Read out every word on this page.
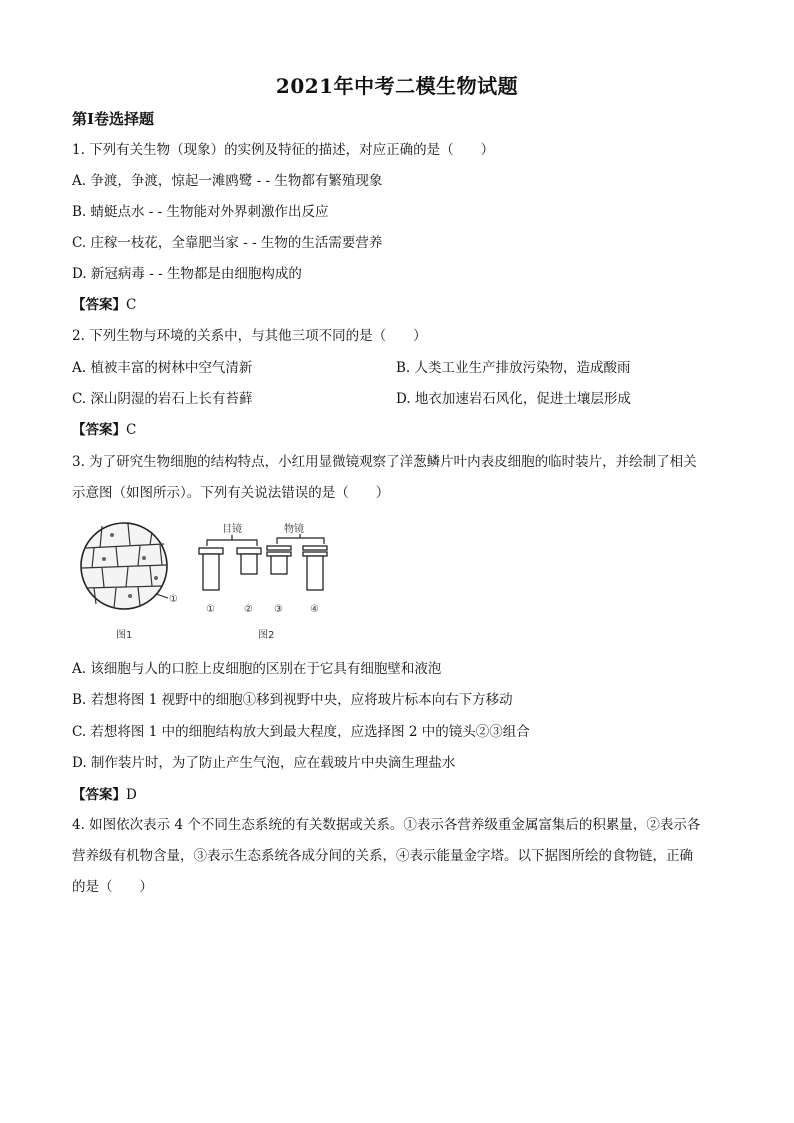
2021年中考二模生物试题
第I卷选择题
1. 下列有关生物（现象）的实例及特征的描述，对应正确的是（　　）
A. 争渡，争渡，惊起一滩鸥鹭 - - 生物都有繁殖现象
B. 蜻蜓点水 - - 生物能对外界刺激作出反应
C. 庄稼一枝花，全靠肥当家 - - 生物的生活需要营养
D. 新冠病毒 - - 生物都是由细胞构成的
【答案】C
2. 下列生物与环境的关系中，与其他三项不同的是（　　）
A. 植被丰富的树林中空气清新	B. 人类工业生产排放污染物，造成酸雨
C. 深山阴湿的岩石上长有苔藓	D. 地衣加速岩石风化，促进土壤层形成
【答案】C
3. 为了研究生物细胞的结构特点，小红用显微镜观察了洋葱鳞片叶内表皮细胞的临时装片，并绘制了相关
示意图（如图所示）。下列有关说法错误的是（　　）
①
图1
目镜	物镜
①	② ③	④
图2
A. 该细胞与人的口腔上皮细胞的区别在于它具有细胞壁和液泡
B. 若想将图 1 视野中的细胞①移到视野中央，应将玻片标本向右下方移动
C. 若想将图 1 中的细胞结构放大到最大程度，应选择图 2 中的镜头②③组合
D. 制作装片时，为了防止产生气泡，应在载玻片中央滴生理盐水
【答案】D
4. 如图依次表示 4 个不同生态系统的有关数据或关系。①表示各营养级重金属富集后的积累量，②表示各
营养级有机物含量，③表示生态系统各成分间的关系，④表示能量金字塔。以下据图所绘的食物链，正确
的是（　　）
